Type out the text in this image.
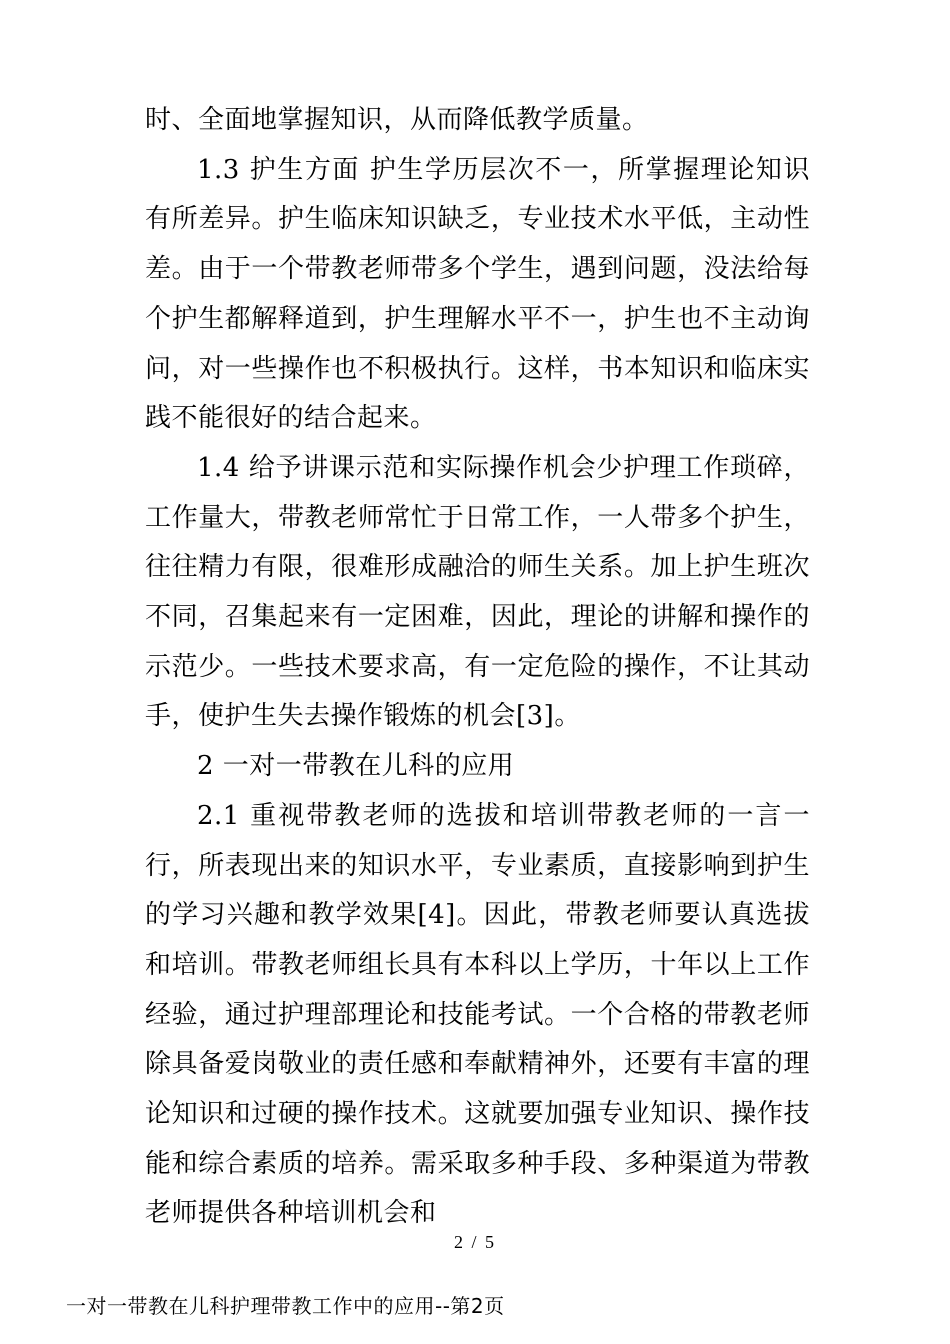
时、全面地掌握知识，从而降低教学质量。

1.3 护生方面 护生学历层次不一，所掌握理论知识有所差异。护生临床知识缺乏，专业技术水平低，主动性差。由于一个带教老师带多个学生，遇到问题，没法给每个护生都解释道到，护生理解水平不一，护生也不主动询问，对一些操作也不积极执行。这样，书本知识和临床实践不能很好的结合起来。

1.4 给予讲课示范和实际操作机会少护理工作琐碎，工作量大，带教老师常忙于日常工作，一人带多个护生，往往精力有限，很难形成融洽的师生关系。加上护生班次不同，召集起来有一定困难，因此，理论的讲解和操作的示范少。一些技术要求高，有一定危险的操作，不让其动手，使护生失去操作锻炼的机会[3]。

2 一对一带教在儿科的应用

2.1 重视带教老师的选拔和培训带教老师的一言一行，所表现出来的知识水平，专业素质，直接影响到护生的学习兴趣和教学效果[4]。因此，带教老师要认真选拔和培训。带教老师组长具有本科以上学历，十年以上工作经验，通过护理部理论和技能考试。一个合格的带教老师除具备爱岗敬业的责任感和奉献精神外，还要有丰富的理论知识和过硬的操作技术。这就要加强专业知识、操作技能和综合素质的培养。需采取多种手段、多种渠道为带教老师提供各种培训机会和

2 / 5
一对一带教在儿科护理带教工作中的应用--第2页
